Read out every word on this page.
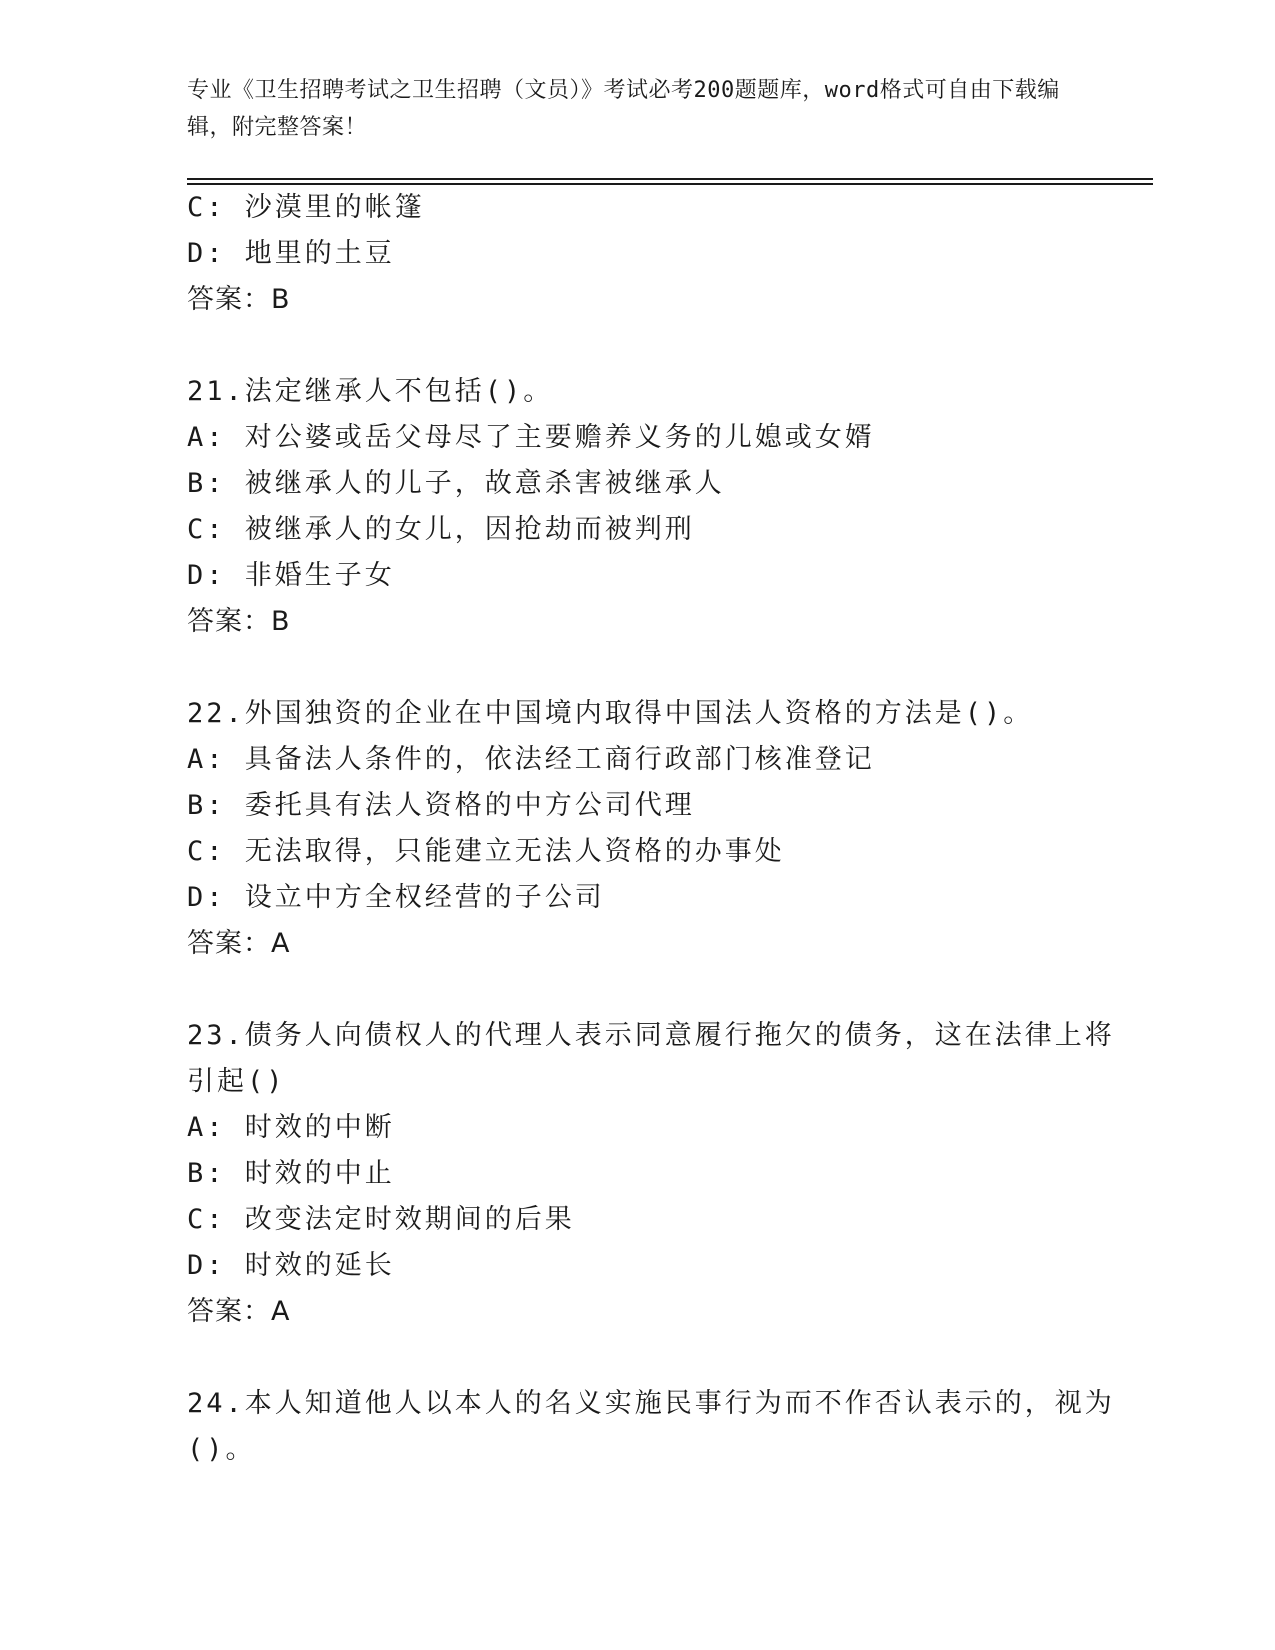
专业《卫生招聘考试之卫生招聘（文员）》考试必考200题题库，word格式可自由下载编辑，附完整答案！
C: 沙漠里的帐篷
D: 地里的土豆
答案：B
21.法定继承人不包括()。
A: 对公婆或岳父母尽了主要赡养义务的儿媳或女婿
B: 被继承人的儿子，故意杀害被继承人
C: 被继承人的女儿，因抢劫而被判刑
D: 非婚生子女
答案：B
22.外国独资的企业在中国境内取得中国法人资格的方法是()。
A: 具备法人条件的，依法经工商行政部门核准登记
B: 委托具有法人资格的中方公司代理
C: 无法取得，只能建立无法人资格的办事处
D: 设立中方全权经营的子公司
答案：A
23.债务人向债权人的代理人表示同意履行拖欠的债务，这在法律上将
引起()
A: 时效的中断
B: 时效的中止
C: 改变法定时效期间的后果
D: 时效的延长
答案：A
24.本人知道他人以本人的名义实施民事行为而不作否认表示的，视为
()。
